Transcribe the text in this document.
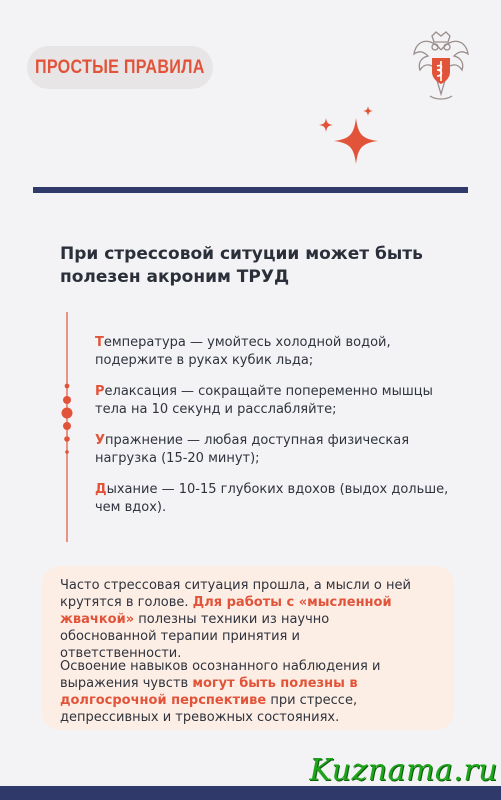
ПРОСТЫЕ ПРАВИЛА
При стрессовой ситуции может быть полезен акроним ТРУД

Температура — умойтесь холодной водой, подержите в руках кубик льда;

Релаксация — сокращайте попеременно мышцы тела на 10 секунд и расслабляйте;

Упражнение — любая доступная физическая нагрузка (15-20 минут);

Дыхание — 10-15 глубоких вдохов (выдох дольше, чем вдох).

Часто стрессовая ситуация прошла, а мысли о ней крутятся в голове. Для работы с «мысленной жвачкой» полезны техники из научно обоснованной терапии принятия и ответственности.

Освоение навыков осознанного наблюдения и выражения чувств могут быть полезны в долгосрочной перспективе при стрессе, депрессивных и тревожных состояниях.

Kuznama.ru
